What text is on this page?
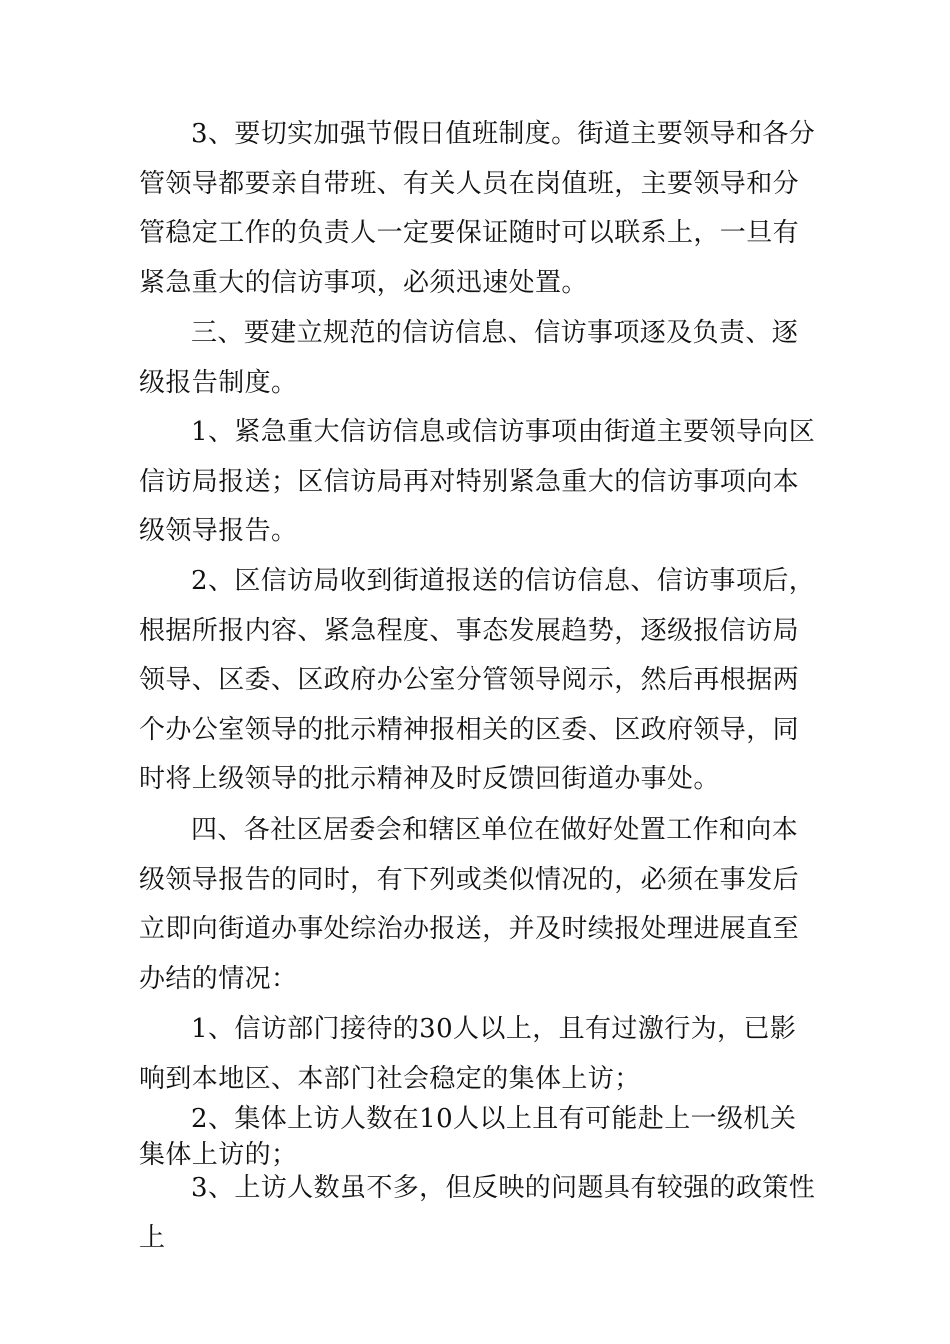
3、要切实加强节假日值班制度。街道主要领导和各分管领导都要亲自带班、有关人员在岗值班，主要领导和分管稳定工作的负责人一定要保证随时可以联系上，一旦有紧急重大的信访事项，必须迅速处置。

三、要建立规范的信访信息、信访事项逐及负责、逐级报告制度。

1、紧急重大信访信息或信访事项由街道主要领导向区信访局报送；区信访局再对特别紧急重大的信访事项向本级领导报告。

2、区信访局收到街道报送的信访信息、信访事项后，根据所报内容、紧急程度、事态发展趋势，逐级报信访局领导、区委、区政府办公室分管领导阅示，然后再根据两个办公室领导的批示精神报相关的区委、区政府领导，同时将上级领导的批示精神及时反馈回街道办事处。

四、各社区居委会和辖区单位在做好处置工作和向本级领导报告的同时，有下列或类似情况的，必须在事发后立即向街道办事处综治办报送，并及时续报处理进展直至办结的情况：

1、信访部门接待的30人以上，且有过激行为，已影响到本地区、本部门社会稳定的集体上访；

2、集体上访人数在10人以上且有可能赴上一级机关集体上访的；

3、上访人数虽不多，但反映的问题具有较强的政策性上
